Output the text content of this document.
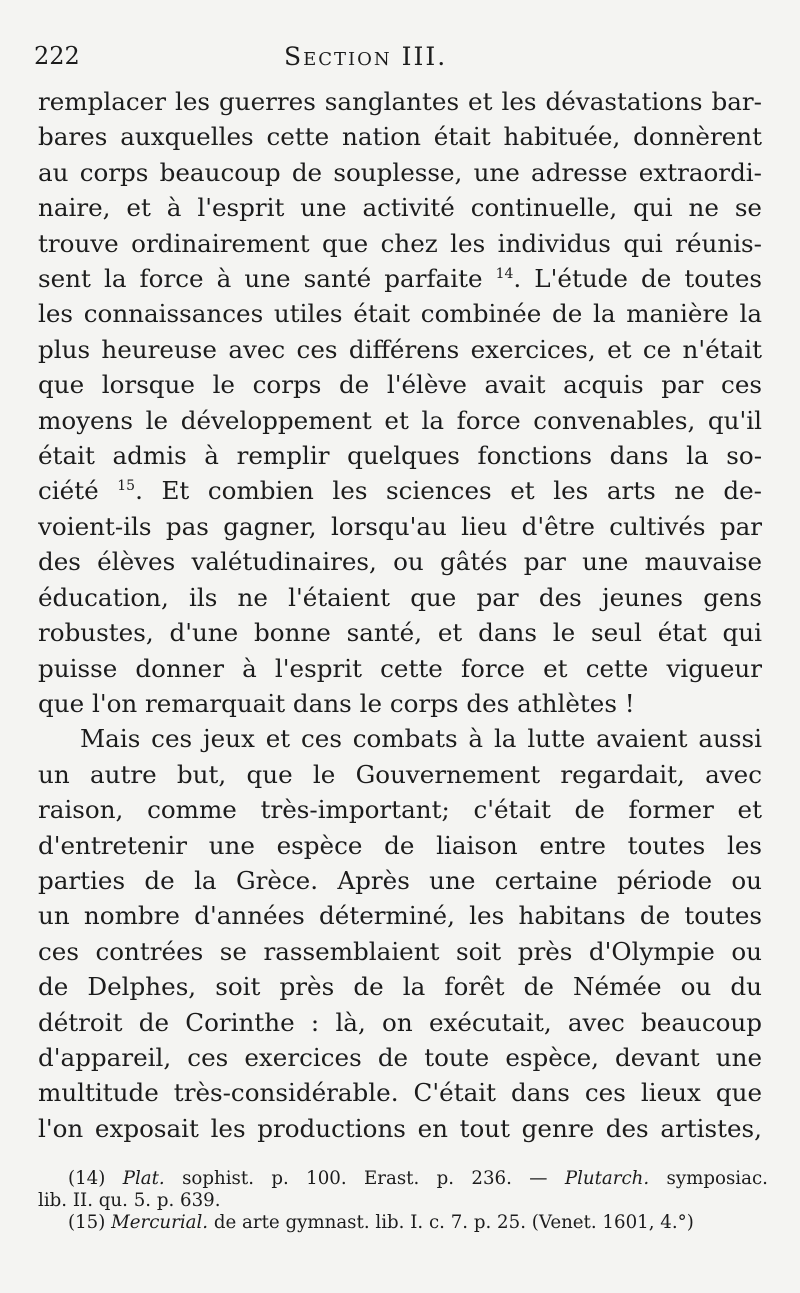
222	Section III.
remplacer les guerres sanglantes et les dévastations bar-
bares auxquelles cette nation était habituée, donnèrent
au corps beaucoup de souplesse, une adresse extraordi-
naire, et à l'esprit une activité continuelle, qui ne se
trouve ordinairement que chez les individus qui réunis-
sent la force à une santé parfaite $^{14}$. L'étude de toutes
les connaissances utiles était combinée de la manière la
plus heureuse avec ces différens exercices, et ce n'était
que lorsque le corps de l'élève avait acquis par ces
moyens le développement et la force convenables, qu'il
était admis à remplir quelques fonctions dans la so-
ciété $^{15}$. Et combien les sciences et les arts ne de-
voient-ils pas gagner, lorsqu'au lieu d'être cultivés par
des élèves valétudinaires, ou gâtés par une mauvaise
éducation, ils ne l'étaient que par des jeunes gens
robustes, d'une bonne santé, et dans le seul état qui
puisse donner à l'esprit cette force et cette vigueur
que l'on remarquait dans le corps des athlètes !
Mais ces jeux et ces combats à la lutte avaient aussi
un autre but, que le Gouvernement regardait, avec
raison, comme très-important; c'était de former et
d'entretenir une espèce de liaison entre toutes les
parties de la Grèce. Après une certaine période ou
un nombre d'années déterminé, les habitans de toutes
ces contrées se rassemblaient soit près d'Olympie ou
de Delphes, soit près de la forêt de Némée ou du
détroit de Corinthe : là, on exécutait, avec beaucoup
d'appareil, ces exercices de toute espèce, devant une
multitude très-considérable. C'était dans ces lieux que
l'on exposait les productions en tout genre des artistes,
(14) Plat. sophist. p. 100. Erast. p. 236. — Plutarch. symposiac.
lib. II. qu. 5. p. 639.
(15) Mercurial. de arte gymnast. lib. I. c. 7. p. 25. (Venet. 1601, 4.°)
